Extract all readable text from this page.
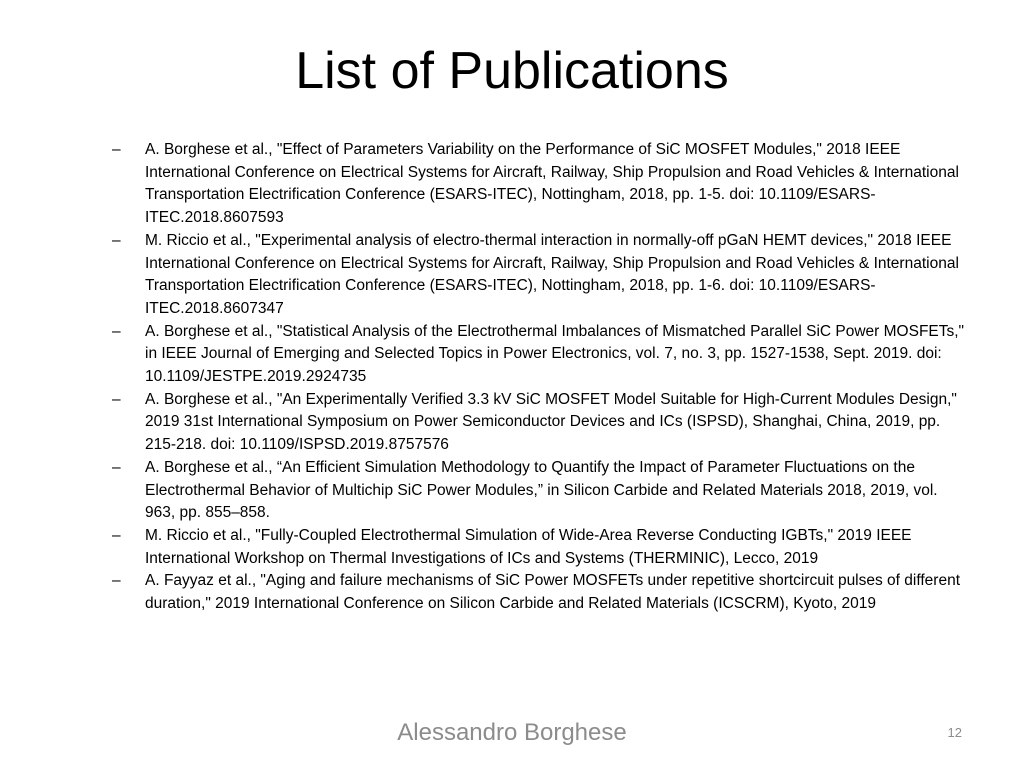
List of Publications
– A. Borghese et al., "Effect of Parameters Variability on the Performance of SiC MOSFET Modules," 2018 IEEE International Conference on Electrical Systems for Aircraft, Railway, Ship Propulsion and Road Vehicles & International Transportation Electrification Conference (ESARS-ITEC), Nottingham, 2018, pp. 1-5. doi: 10.1109/ESARS-ITEC.2018.8607593
– M. Riccio et al., "Experimental analysis of electro-thermal interaction in normally-off pGaN HEMT devices," 2018 IEEE International Conference on Electrical Systems for Aircraft, Railway, Ship Propulsion and Road Vehicles & International Transportation Electrification Conference (ESARS-ITEC), Nottingham, 2018, pp. 1-6. doi: 10.1109/ESARS-ITEC.2018.8607347
– A. Borghese et al., "Statistical Analysis of the Electrothermal Imbalances of Mismatched Parallel SiC Power MOSFETs," in IEEE Journal of Emerging and Selected Topics in Power Electronics, vol. 7, no. 3, pp. 1527-1538, Sept. 2019. doi: 10.1109/JESTPE.2019.2924735
– A. Borghese et al., "An Experimentally Verified 3.3 kV SiC MOSFET Model Suitable for High-Current Modules Design," 2019 31st International Symposium on Power Semiconductor Devices and ICs (ISPSD), Shanghai, China, 2019, pp. 215-218. doi: 10.1109/ISPSD.2019.8757576
– A. Borghese et al., “An Efficient Simulation Methodology to Quantify the Impact of Parameter Fluctuations on the Electrothermal Behavior of Multichip SiC Power Modules,” in Silicon Carbide and Related Materials 2018, 2019, vol. 963, pp. 855–858.
– M. Riccio et al., "Fully-Coupled Electrothermal Simulation of Wide-Area Reverse Conducting IGBTs," 2019 IEEE International Workshop on Thermal Investigations of ICs and Systems (THERMINIC), Lecco, 2019
– A. Fayyaz et al., "Aging and failure mechanisms of SiC Power MOSFETs under repetitive shortcircuit pulses of different duration," 2019 International Conference on Silicon Carbide and Related Materials (ICSCRM), Kyoto, 2019
Alessandro Borghese	12
